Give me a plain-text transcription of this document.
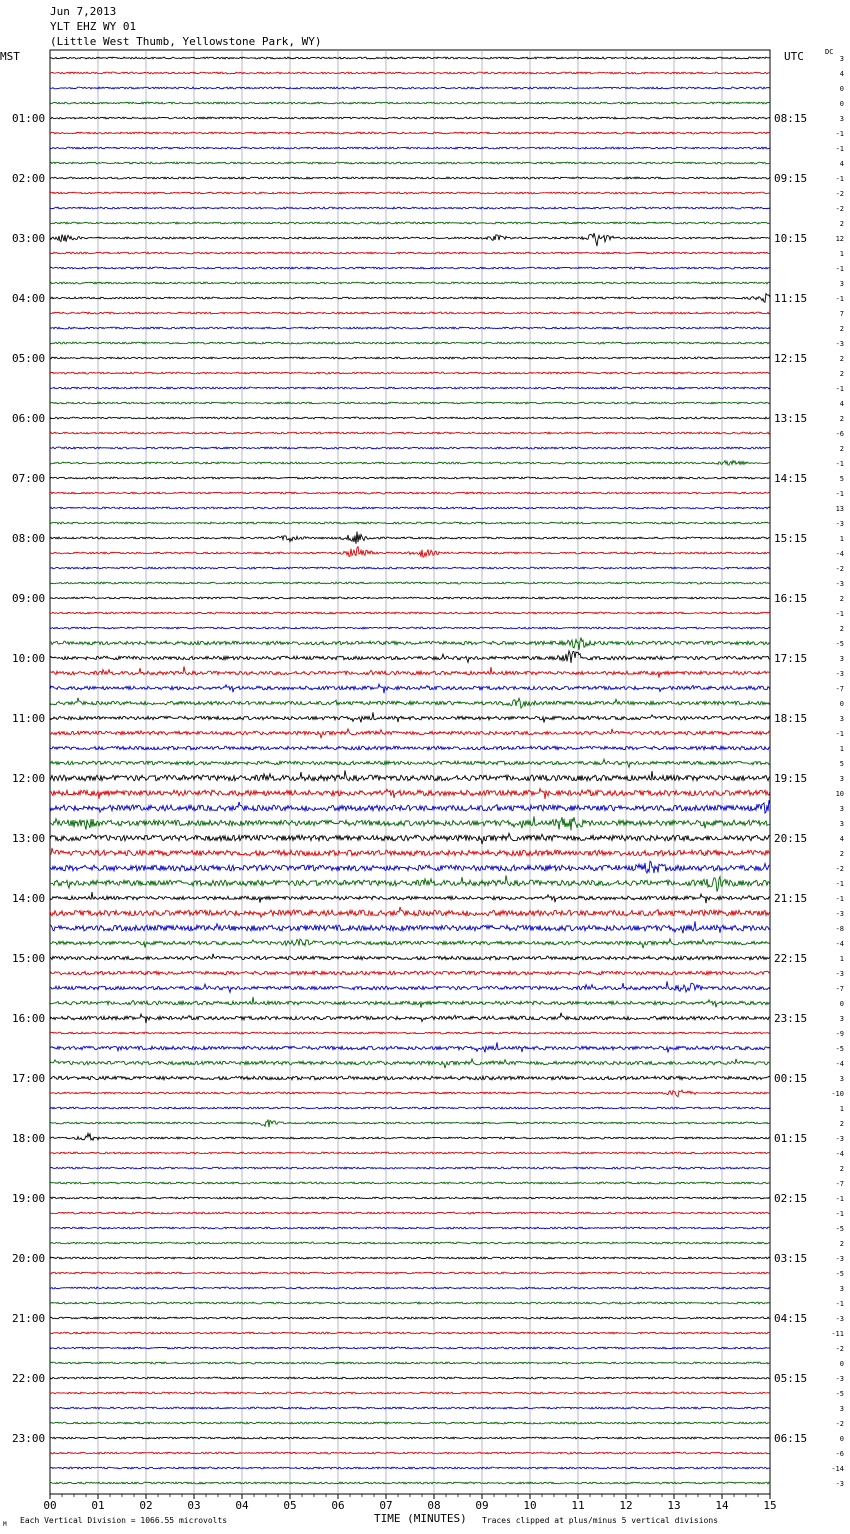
Jun 7,2013
YLT EHZ WY 01
(Little West Thumb, Yellowstone Park, WY)
MST	UTC	DC
3
4
0
0
3
01:00	08:15
-1
-1
4
-1
02:00	09:15
-2
-2
2
12
03:00	10:15
1
-1
3
-1
04:00	11:15
7
2
-3
2
05:00	12:15
2
-1
4
2
06:00	13:15
-6
2
-1
5
07:00	14:15
-1
13
-3
1
08:00	15:15
-4
-2
-3
2
09:00	16:15
-1
2
-5
3
10:00	17:15
-3
-7
0
3
11:00	18:15
-1
1
5
3
12:00	19:15
10
3
3
4
13:00	20:15
2
-2
-1
-1
14:00	21:15
-3
-8
-4
1
15:00	22:15
-3
-7
0
3
16:00	23:15
-9
-5
-4
3
17:00	00:15
-10
1
2
-3
18:00	01:15
-4
2
-7
-1
19:00	02:15
-1
-5
2
-3
20:00	03:15
-5
3
-1
-3
21:00	04:15
-11
-2
0
-3
22:00	05:15
-5
3
-2
0
23:00	06:15
-6
-14
-3
00	01	02	03	04	05	06	07	08	09	10	11	12	13	14	15
Each Vertical Division = 1066.55 microvolts	TIME (MINUTES) Traces clipped at plus/minus 5 vertical divisions
M
